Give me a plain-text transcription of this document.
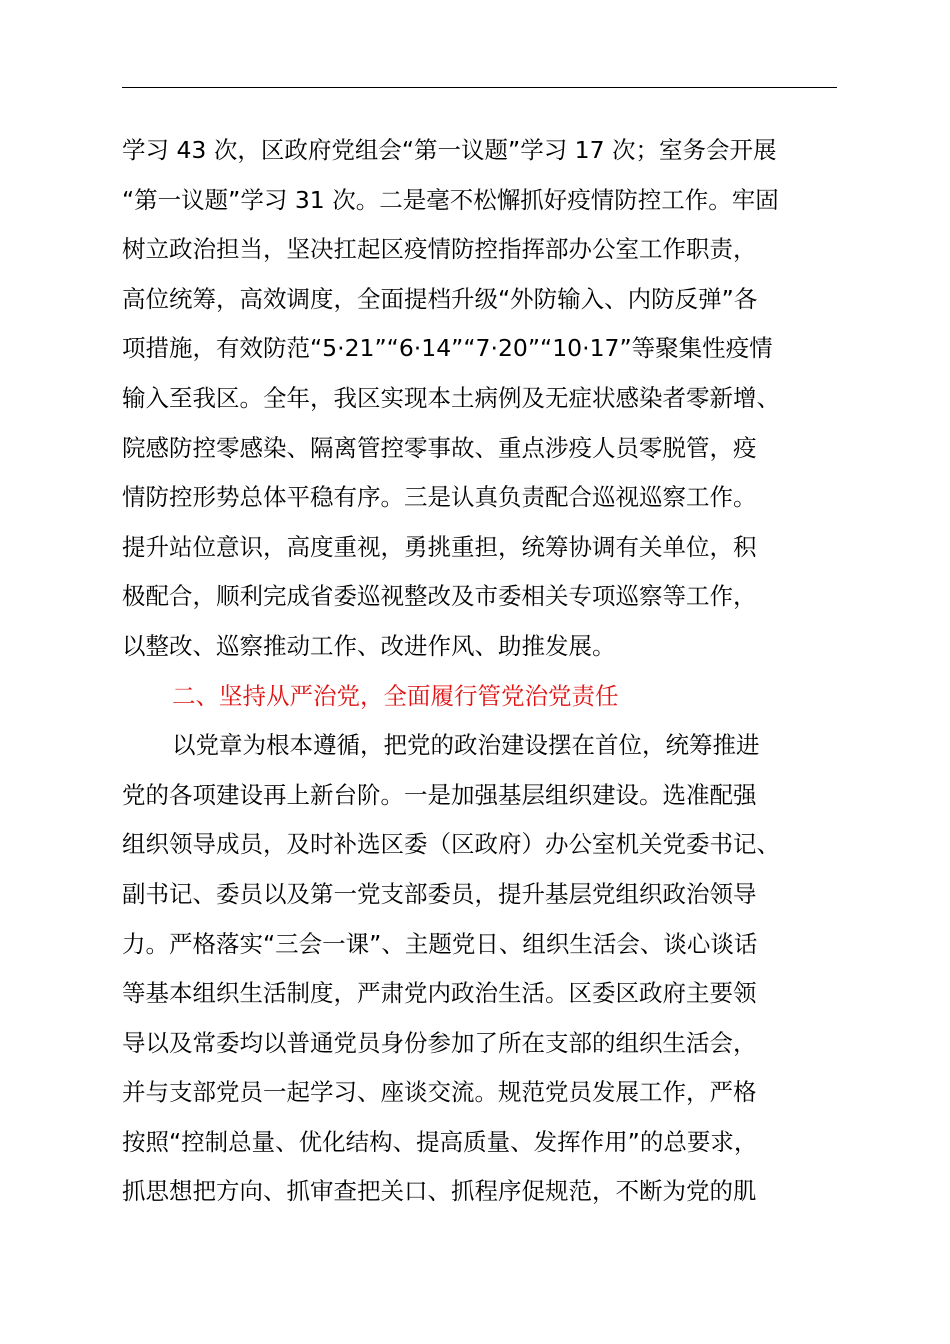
学习 43 次，区政府党组会“第一议题”学习 17 次；室务会开展
“第一议题”学习 31 次。二是毫不松懈抓好疫情防控工作。牢固
树立政治担当，坚决扛起区疫情防控指挥部办公室工作职责，
高位统筹，高效调度，全面提档升级“外防输入、内防反弹”各
项措施，有效防范“5·21”“6·14”“7·20”“10·17”等聚集性疫情
输入至我区。全年，我区实现本土病例及无症状感染者零新增、
院感防控零感染、隔离管控零事故、重点涉疫人员零脱管，疫
情防控形势总体平稳有序。三是认真负责配合巡视巡察工作。
提升站位意识，高度重视，勇挑重担，统筹协调有关单位，积
极配合，顺利完成省委巡视整改及市委相关专项巡察等工作，
以整改、巡察推动工作、改进作风、助推发展。
二、坚持从严治党，全面履行管党治党责任
以党章为根本遵循，把党的政治建设摆在首位，统筹推进
党的各项建设再上新台阶。一是加强基层组织建设。选准配强
组织领导成员，及时补选区委（区政府）办公室机关党委书记、
副书记、委员以及第一党支部委员，提升基层党组织政治领导
力。严格落实“三会一课”、主题党日、组织生活会、谈心谈话
等基本组织生活制度，严肃党内政治生活。区委区政府主要领
导以及常委均以普通党员身份参加了所在支部的组织生活会，
并与支部党员一起学习、座谈交流。规范党员发展工作，严格
按照“控制总量、优化结构、提高质量、发挥作用”的总要求，
抓思想把方向、抓审查把关口、抓程序促规范，不断为党的肌
